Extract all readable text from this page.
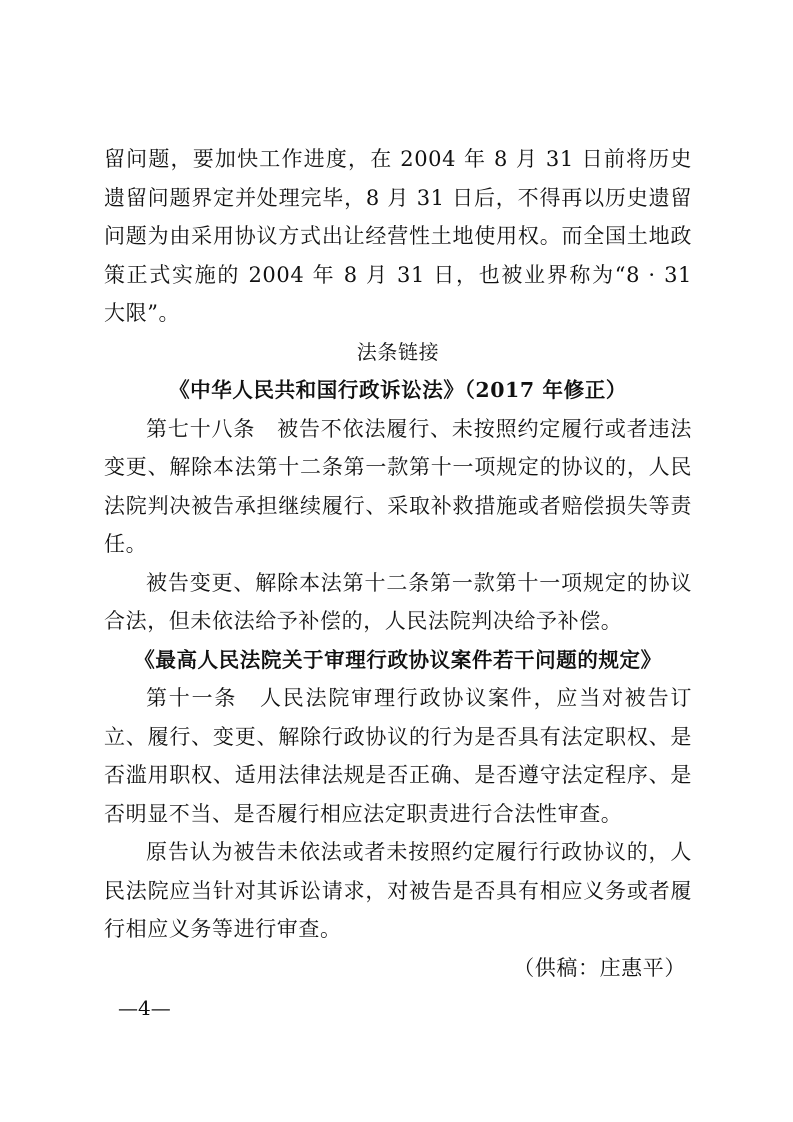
留问题，要加快工作进度，在 2004 年 8 月 31 日前将历史遗留问题界定并处理完毕，8 月 31 日后，不得再以历史遗留问题为由采用协议方式出让经营性土地使用权。而全国土地政策正式实施的 2004 年 8 月 31 日，也被业界称为“8 · 31 大限”。

法条链接

《中华人民共和国行政诉讼法》（2017 年修正）

第七十八条　被告不依法履行、未按照约定履行或者违法变更、解除本法第十二条第一款第十一项规定的协议的，人民法院判决被告承担继续履行、采取补救措施或者赔偿损失等责任。

被告变更、解除本法第十二条第一款第十一项规定的协议合法，但未依法给予补偿的，人民法院判决给予补偿。

《最高人民法院关于审理行政协议案件若干问题的规定》

第十一条　人民法院审理行政协议案件，应当对被告订立、履行、变更、解除行政协议的行为是否具有法定职权、是否滥用职权、适用法律法规是否正确、是否遵守法定程序、是否明显不当、是否履行相应法定职责进行合法性审查。

原告认为被告未依法或者未按照约定履行行政协议的，人民法院应当针对其诉讼请求，对被告是否具有相应义务或者履行相应义务等进行审查。

（供稿：庄惠平）

—4—
